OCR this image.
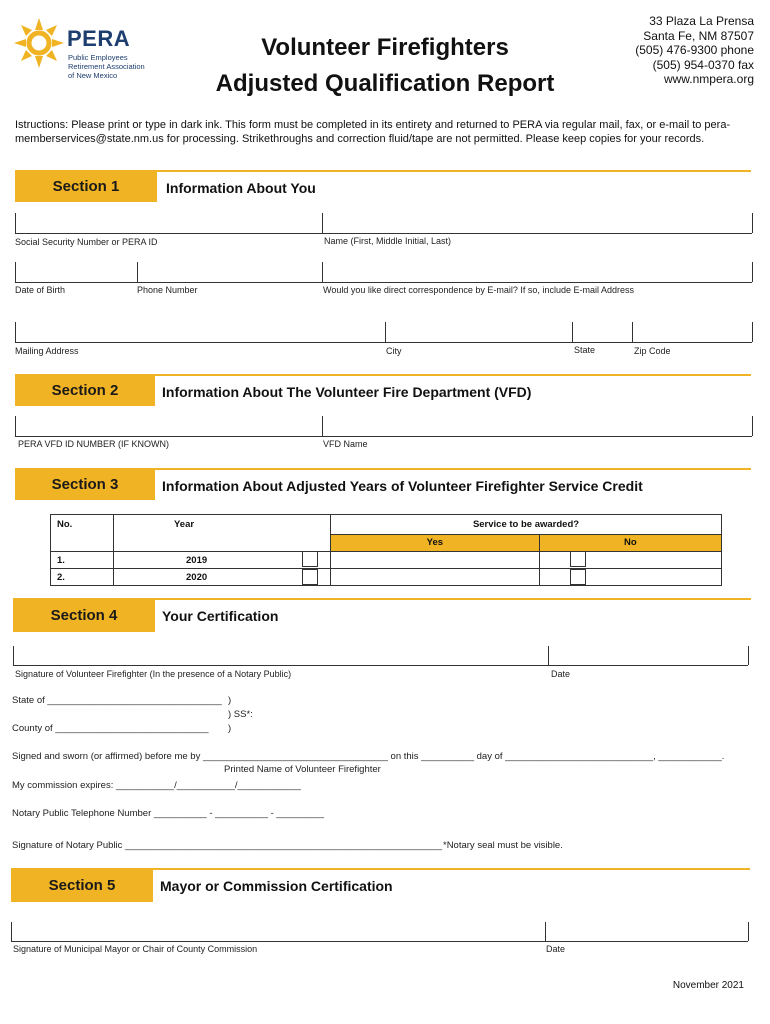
PERA
Public Employees
Retirement Association
of New Mexico
Volunteer Firefighters
Adjusted Qualification Report
33 Plaza La Prensa
Santa Fe, NM 87507
(505) 476-9300 phone
(505) 954-0370 fax
www.nmpera.org
Istructions: Please print or type in dark ink. This form must be completed in its entirety and returned to PERA via regular mail, fax, or e-mail to pera-memberservices@state.nm.us for processing. Strikethroughs and correction fluid/tape are not permitted. Please keep copies for your records.
Section 1	Information About You
Social Security Number or PERA ID	Name (First, Middle Initial, Last)
Date of Birth	Phone Number	Would you like direct correspondence by E-mail? If so, include E-mail Address
Mailing Address	City	State	Zip Code
Section 2	Information About The Volunteer Fire Department (VFD)
PERA VFD ID NUMBER (IF KNOWN)	VFD Name
Section 3	Information About Adjusted Years of Volunteer Firefighter Service Credit
No.	Year	Service to be awarded?	
		Yes	No
1.	2019		
2.	2020		
Section 4	Your Certification
Signature of Volunteer Firefighter (In the presence of a Notary Public)	Date
State of _________________________________ )
) SS*:
County of _____________________________ )
Signed and sworn (or affirmed) before me by ___________________________________ on this __________ day of ____________________________, ____________.
Printed Name of Volunteer Firefighter
My commission expires: ___________/___________/____________
Notary Public Telephone Number __________ - __________ - _________
Signature of Notary Public ____________________________________________________________ *Notary seal must be visible.
Section 5	Mayor or Commission Certification
Signature of Municipal Mayor or Chair of County Commission	Date
November 2021
